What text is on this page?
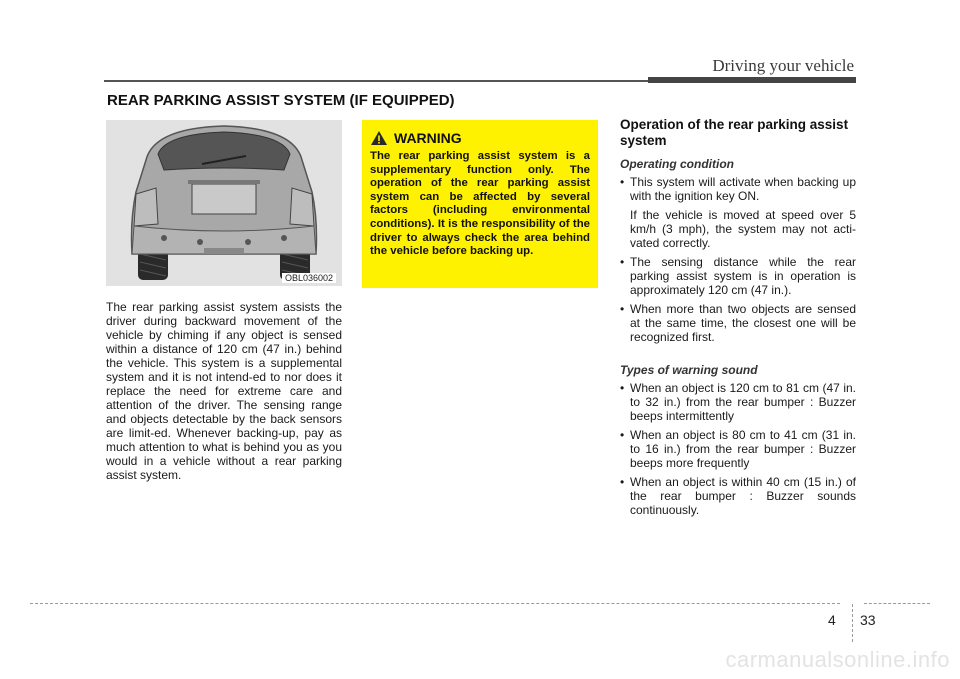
Driving your vehicle
REAR PARKING ASSIST SYSTEM (IF EQUIPPED)
OBL036002

The rear parking assist system assists the driver during backward movement of the vehicle by chiming if any object is sensed within a distance of 120 cm (47 in.) behind the vehicle. This system is a supplemental system and it is not intend-ed to nor does it replace the need for extreme care and attention of the driver. The sensing range and objects detectable by the back sensors are limit-ed. Whenever backing-up, pay as much attention to what is behind you as you would in a vehicle without a rear parking assist system.

WARNING

The rear parking assist system is a supplementary function only. The operation of the rear parking assist system can be affected by several factors (including environmental conditions). It is the responsibility of the driver to always check the area behind the vehicle before backing up.

Operation of the rear parking assist system
Operating condition
• This system will activate when backing up with the ignition key ON.
If the vehicle is moved at speed over 5 km/h (3 mph), the system may not acti-vated correctly.
• The sensing distance while the rear parking assist system is in operation is approximately 120 cm (47 in.).
• When more than two objects are sensed at the same time, the closest one will be recognized first.
Types of warning sound
• When an object is 120 cm to 81 cm (47 in. to 32 in.) from the rear bumper : Buzzer beeps intermittently
• When an object is 80 cm to 41 cm (31 in. to 16 in.) from the rear bumper : Buzzer beeps more frequently
• When an object is within 40 cm (15 in.) of the rear bumper : Buzzer sounds continuously.
4 33
carmanualsonline.info
